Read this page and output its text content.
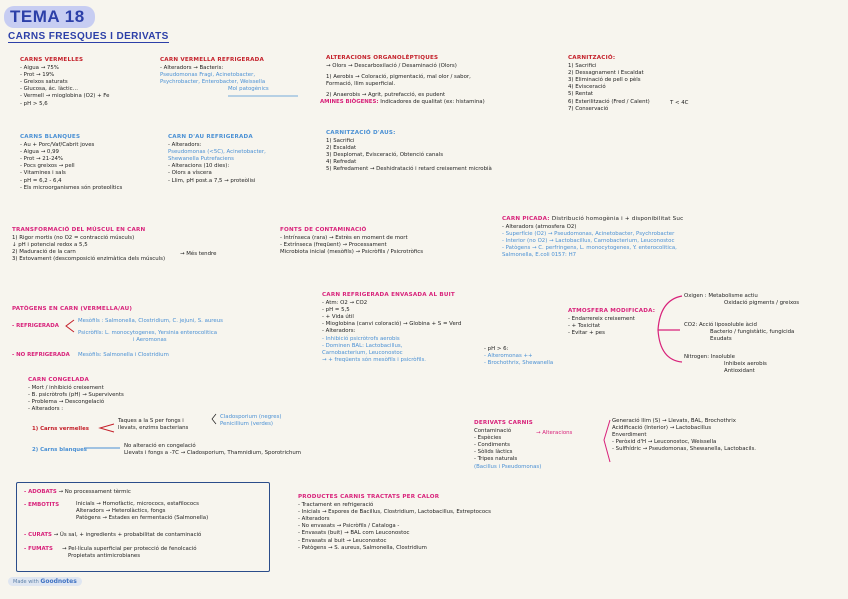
TEMA 18
CARNS FRESQUES I DERIVATS
CARNS VERMELLES
- Aigua → 75%
- Prot → 19%
- Greixos saturats
- Glucosa, ác. làctic…
- Vermell → mioglobina (O2) + Fe
- pH > 5,6
CARNS BLANQUES
- Au + Porc/Vaf/Cabrit joves
- Aigua → 0,99
- Prot → 21-24%
- Pocs greixos → pell
- Vitamines i sals
- pH = 6,2 - 6,4
- Els microorganismes són proteolítics
CARN VERMELLA REFRIGERADA
- Alteradors → Bacteris:
Pseudomonas Fragi, Acinetobacter,
Psychrobacter, Enterobacter, Weissella
Mol patogènics
CARN D'AU REFRIGERADA
- Alteradors:
Pseudomonas (<5C), Acinetobacter,
Shewanella Putrefaciens
- Alteracions (10 dies):
- Olors a víscera
- Llim, pH post.a 7,5 → proteòlisi
ALTERACIONS ORGANOLÈPTIQUES
→ Olors → Descarboxilació / Desaminació (Olors)
1) Aerobis → Coloració, pigmentació, mal olor / sabor,
Formació, llim superficial.
2) Anaerobis → Agrit, putrefacció, es pudent
AMINES BIÒGENES: Indicadores de qualitat (ex: histamina)
CARNITZACIÓ D'AUS:
1) Sacrifici
2) Escaldat
3) Desplomat, Evisceració, Obtenció canals
4) Refredat
5) Refredament → Deshidratació i retard creixement microbià
CARNITZACIÓ:
1) Sacrifici
2) Dessagnament i Escaldat
3) Eliminació de pell o pèls
4) Evisceració
5) Rentat
6) Esterilització (Fred / Calent)
7) Conservació
T < 4C
TRANSFORMACIÓ DEL MÚSCUL EN CARN
1) Rigor mortis (no O2 = contracció músculs)
↓ pH i potencial redox a 5,5
2) Maduració de la carn
3) Estovament (descomposició enzimàtica dels músculs)
→ Més tendre
FONTS DE CONTAMINACIÓ
- Intrínseca (rara) → Estrès en moment de mort
- Extrínseca (freqüent) → Processament
Microbiota inicial (mesòfils) → Psicròfils / Psicrotròfics
CARN PICADA: Distribució homogènia i + disponibilitat Suc
- Alteradors (atmosfera O2)
- Superfície (O2) → Pseudomonas, Acinetobacter, Psychrobacter
- Interior (no O2) → Lactobacillus, Carnobacterium, Leuconostoc
- Patògens → C. perfringens, L. monocytogenes, Y. enterocolitica,
Salmonella, E.coli 0157: H7
PATÒGENS EN CARN (VERMELLA/AU)
- REFRIGERADA
Mesòfils : Salmonella, Clostridium, C. jejuni, S. aureus
Psicròfils: L. monocytogenes, Yersinia enterocolitica
i Aeromonas
- NO REFRIGERADA Mesòfils: Salmonella i Clostridium
CARN REFRIGERADA ENVASADA AL BUIT
- Atm: O2 → CO2
- pH = 5,5
- + Vida útil
- Mioglobina (canvi coloració) → Globina + S = Verd
- Alteradors:
- Inhibició psicròtrofs aerobis
- Dominen BAL: Lactobacillus,
Carnobacterium, Leuconostoc
→ + freqüents són mesòfils i psicròfils.
- pH > 6:
- Alteromonas ++
- Brochothrix, Shewanella
ATMOSFERA MODIFICADA:
- Endarrereix creixement
- + Toxicitat
- Evitar + pes
Oxigen : Metabolisme actiu
Oxidació pigments / greixos
CO2: Acció liposoluble àcid
Bacterio / fungistàtic, fungicida
Exudats
Nitrogen: Insoluble
Inhibeix aerobis
Antioxidant
CARN CONGELADA
- Mort / inhibició creixement
- B. psicròtrofs (pH) → Supervivents
- Problema → Descongelació
- Alteradors :
1) Carns vermelles
Taques a la S per fongs i
llevats, enzims bacterians
Cladosporium (negres)
Penicillium (verdes)
2) Carns blanques
No alteració en congelació
Llevats i fongs a -7C → Cladosporium, Thamnidium, Sporotrichum
DERIVATS CARNIS
Contaminació
- Espècies
- Condiments
- Sòlids làctics
- Tripes naturals
(Bacillus i Pseudomonas)
→ Alteracions
Generació llim (S) → Llevats, BAL, Brochothrix
Acidificació (Interior) → Lactobacillus
Enverdiment
- Peròxid d'H → Leuconostoc, Weissella
- Sulfhídric → Pseudomonas, Shewanella, Lactobacils.
- ADOBATS → No processament tèrmic
- EMBOTITS	Inicials → Homofàctic, micrococs, estafilococs
Alteradors → Heterolàctics, fongs
Patògens → Estades en fermentació (Salmonella)
- CURATS → Ús sal, + ingredients + probabilitat de contaminació
- FUMATS → Pel·lícula superficial per protecció de fenolcació
Propietats antimicrobianes
PRODUCTES CARNIS TRACTATS PER CALOR
- Tractament en refrigeració
- Inicials → Espores de Bacillus, Clostridium, Lactobacillus, Estreptococs
- Alteradors
- No envasats → Psicròfils / Cataloga -
- Envasats (buit) → BAL com Leuconostoc
- Envasats al buit → Leuconostoc
- Patògens → S. aureus, Salmonella, Clostridium
Made with Goodnotes
